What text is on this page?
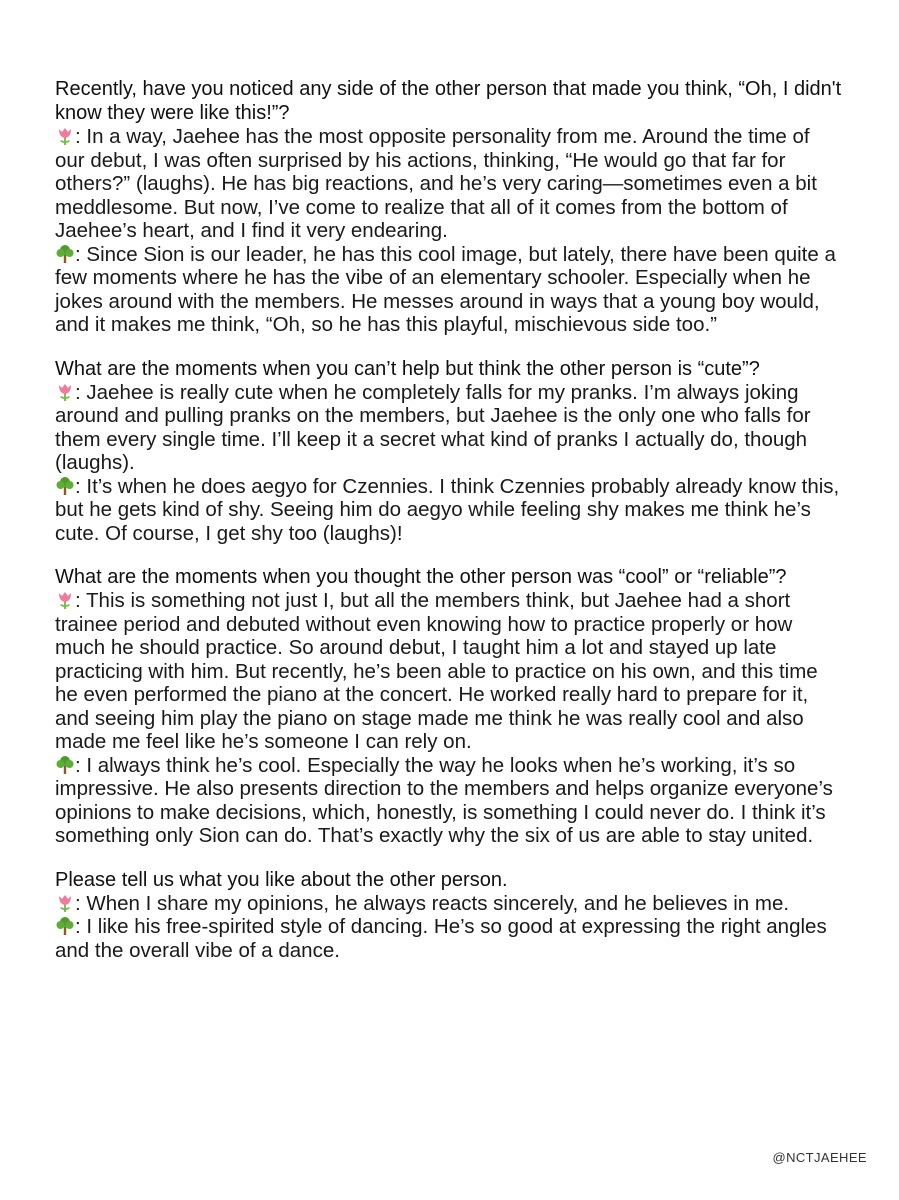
Recently, have you noticed any side of the other person that made you think, “Oh, I didn't know they were like this!”?

: In a way, Jaehee has the most opposite personality from me. Around the time of our debut, I was often surprised by his actions, thinking, “He would go that far for others?” (laughs). He has big reactions, and he’s very caring—sometimes even a bit meddlesome. But now, I’ve come to realize that all of it comes from the bottom of Jaehee’s heart, and I find it very endearing.

: Since Sion is our leader, he has this cool image, but lately, there have been quite a few moments where he has the vibe of an elementary schooler. Especially when he jokes around with the members. He messes around in ways that a young boy would, and it makes me think, “Oh, so he has this playful, mischievous side too.”

What are the moments when you can’t help but think the other person is “cute”?

: Jaehee is really cute when he completely falls for my pranks. I’m always joking around and pulling pranks on the members, but Jaehee is the only one who falls for them every single time. I’ll keep it a secret what kind of pranks I actually do, though (laughs).

: It’s when he does aegyo for Czennies. I think Czennies probably already know this, but he gets kind of shy. Seeing him do aegyo while feeling shy makes me think he’s cute. Of course, I get shy too (laughs)!

What are the moments when you thought the other person was “cool” or “reliable”?

: This is something not just I, but all the members think, but Jaehee had a short trainee period and debuted without even knowing how to practice properly or how much he should practice. So around debut, I taught him a lot and stayed up late practicing with him. But recently, he’s been able to practice on his own, and this time he even performed the piano at the concert. He worked really hard to prepare for it, and seeing him play the piano on stage made me think he was really cool and also made me feel like he’s someone I can rely on.

: I always think he’s cool. Especially the way he looks when he’s working, it’s so impressive. He also presents direction to the members and helps organize everyone’s opinions to make decisions, which, honestly, is something I could never do. I think it’s something only Sion can do. That’s exactly why the six of us are able to stay united.

Please tell us what you like about the other person.

: When I share my opinions, he always reacts sincerely, and he believes in me.

: I like his free-spirited style of dancing. He’s so good at expressing the right angles and the overall vibe of a dance.

@NCTJAEHEE
